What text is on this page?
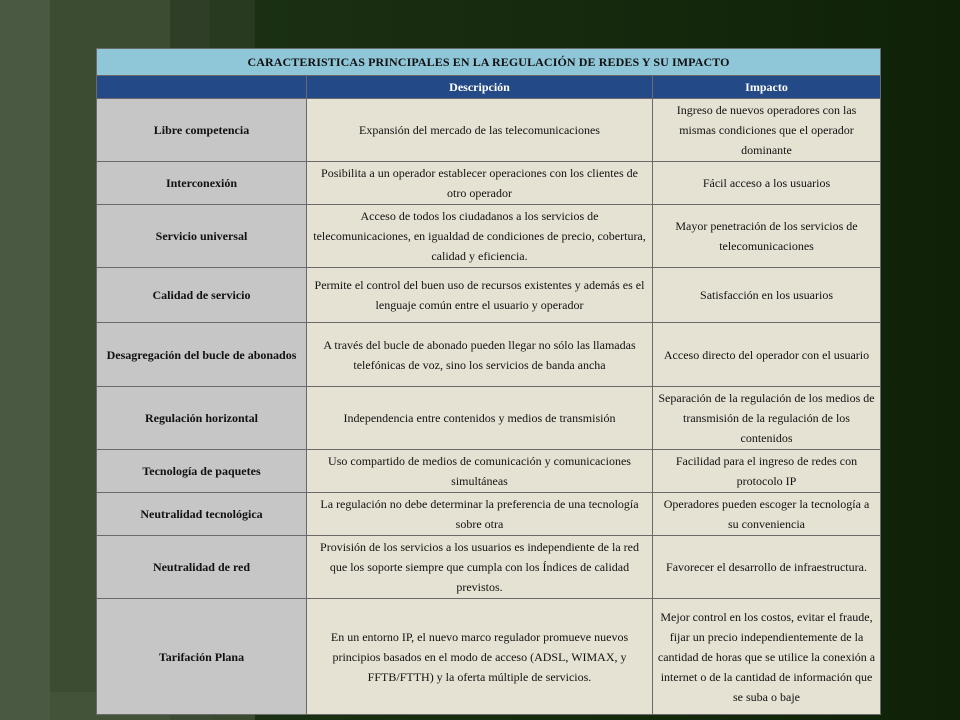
CARACTERISTICAS PRINCIPALES EN LA REGULACIÓN DE REDES Y SU IMPACTO		
	Descripción	Impacto
Libre competencia	Expansión del mercado de las telecomunicaciones	Ingreso de nuevos operadores con las mismas condiciones que el operador dominante
Interconexión	Posibilita a un operador establecer operaciones con los clientes de otro operador	Fácil acceso a los usuarios
Servicio universal	Acceso de todos los ciudadanos a los servicios de telecomunicaciones, en igualdad de condiciones de precio, cobertura, calidad y eficiencia.	Mayor penetración de los servicios de telecomunicaciones
Calidad de servicio	Permite el control del buen uso de recursos existentes y además es el lenguaje común entre el usuario y operador	Satisfacción en los usuarios
Desagregación del bucle de abonados	A través del bucle de abonado pueden llegar no sólo las llamadas telefónicas de voz, sino los servicios de banda ancha	Acceso directo del operador con el usuario
Regulación horizontal	Independencia entre contenidos y medios de transmisión	Separación de la regulación de los medios de transmisión de la regulación de los contenidos
Tecnología de paquetes	Uso compartido de medios de comunicación y comunicaciones simultáneas	Facilidad para el ingreso de redes con protocolo IP
Neutralidad tecnológica	La regulación no debe determinar la preferencia de una tecnología sobre otra	Operadores pueden escoger la tecnología a su conveniencia
Neutralidad de red	Provisión de los servicios a los usuarios es independiente de la red que los soporte siempre que cumpla con los Índices de calidad previstos.	Favorecer el desarrollo de infraestructura.
Tarifación Plana	En un entorno IP, el nuevo marco regulador promueve nuevos principios basados en el modo de acceso (ADSL, WIMAX, y FFTB/FTTH) y la oferta múltiple de servicios.	Mejor control en los costos, evitar el fraude, fijar un precio independientemente de la cantidad de horas que se utilice la conexión a internet o de la cantidad de información que se suba o baje
